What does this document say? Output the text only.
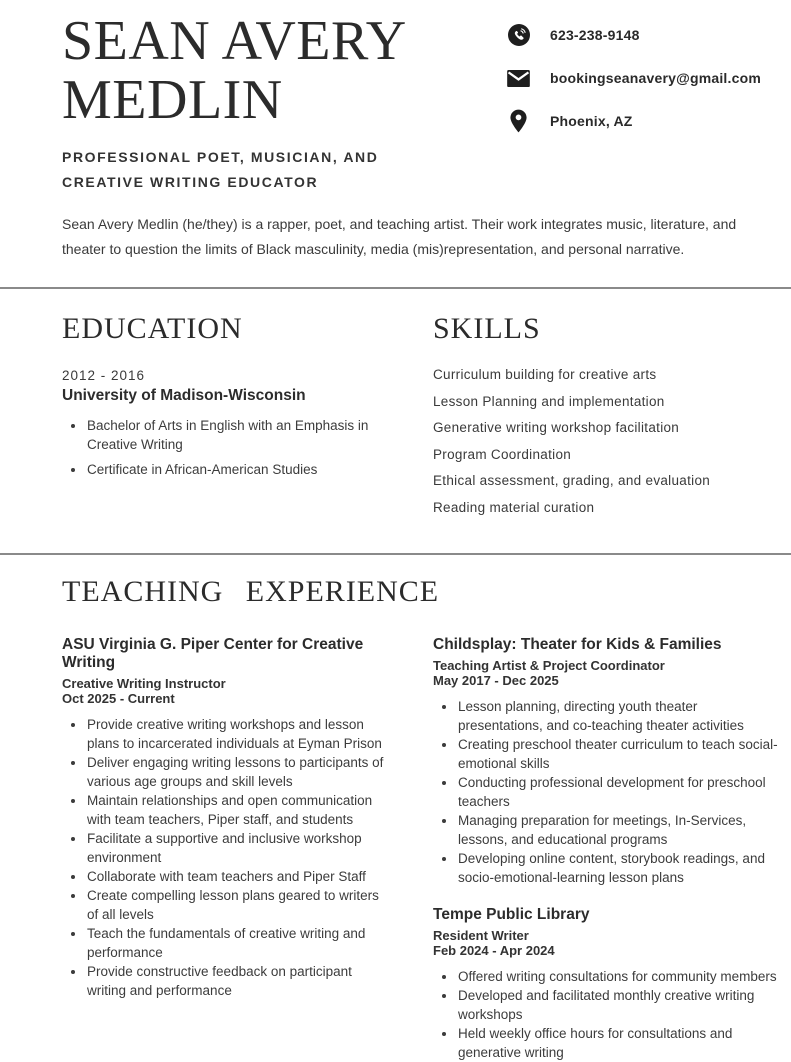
SEAN AVERY
MEDLIN
PROFESSIONAL POET, MUSICIAN, AND
CREATIVE WRITING EDUCATOR
623-238-9148
bookingseanavery@gmail.com
Phoenix, AZ

Sean Avery Medlin (he/they) is a rapper, poet, and teaching artist. Their work integrates music, literature, and theater to question the limits of Black masculinity, media (mis)representation, and personal narrative.

EDUCATION
2012 - 2016
University of Madison-Wisconsin
• Bachelor of Arts in English with an Emphasis in Creative Writing
• Certificate in African-American Studies
SKILLS
Curriculum building for creative arts
Lesson Planning and implementation
Generative writing workshop facilitation
Program Coordination
Ethical assessment, grading, and evaluation
Reading material curation
TEACHING EXPERIENCE
ASU Virginia G. Piper Center for Creative Writing
Creative Writing Instructor
Oct 2025 - Current
• Provide creative writing workshops and lesson plans to incarcerated individuals at Eyman Prison
• Deliver engaging writing lessons to participants of various age groups and skill levels
• Maintain relationships and open communication with team teachers, Piper staff, and students
• Facilitate a supportive and inclusive workshop environment
• Collaborate with team teachers and Piper Staff
• Create compelling lesson plans geared to writers of all levels
• Teach the fundamentals of creative writing and performance
• Provide constructive feedback on participant writing and performance
Childsplay: Theater for Kids & Families
Teaching Artist & Project Coordinator
May 2017 - Dec 2025
• Lesson planning, directing youth theater presentations, and co-teaching theater activities
• Creating preschool theater curriculum to teach social-emotional skills
• Conducting professional development for preschool teachers
• Managing preparation for meetings, In-Services, lessons, and educational programs
• Developing online content, storybook readings, and socio-emotional-learning lesson plans
Tempe Public Library
Resident Writer
Feb 2024 - Apr 2024
• Offered writing consultations for community members
• Developed and facilitated monthly creative writing workshops
• Held weekly office hours for consultations and generative writing
